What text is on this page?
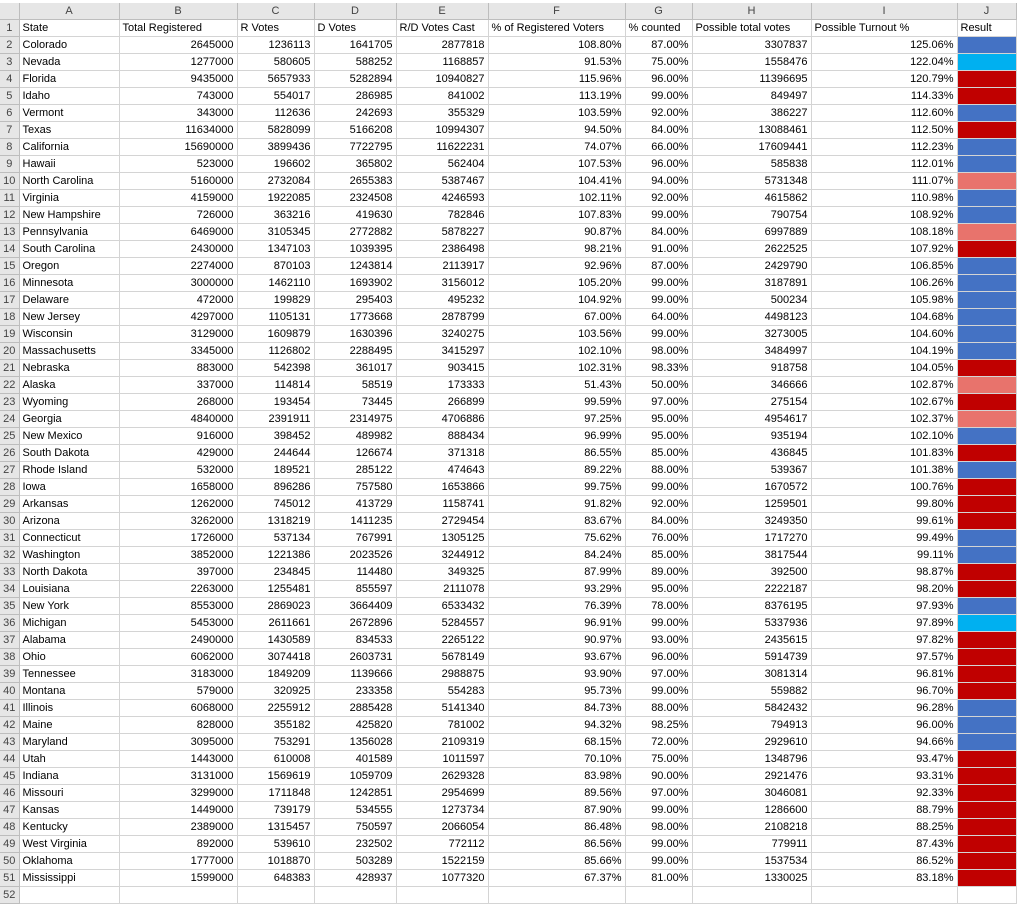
	A	B	C	D	E	F	G	H	I	J
1	State	Total Registered	R Votes	D Votes	R/D Votes Cast	% of Registered Voters	% counted	Possible total votes	Possible Turnout %	Result
2	Colorado	2645000	1236113	1641705	2877818	108.80%	87.00%	3307837	125.06%	
3	Nevada	1277000	580605	588252	1168857	91.53%	75.00%	1558476	122.04%	
4	Florida	9435000	5657933	5282894	10940827	115.96%	96.00%	11396695	120.79%	
5	Idaho	743000	554017	286985	841002	113.19%	99.00%	849497	114.33%	
6	Vermont	343000	112636	242693	355329	103.59%	92.00%	386227	112.60%	
7	Texas	11634000	5828099	5166208	10994307	94.50%	84.00%	13088461	112.50%	
8	California	15690000	3899436	7722795	11622231	74.07%	66.00%	17609441	112.23%	
9	Hawaii	523000	196602	365802	562404	107.53%	96.00%	585838	112.01%	
10	North Carolina	5160000	2732084	2655383	5387467	104.41%	94.00%	5731348	111.07%	
11	Virginia	4159000	1922085	2324508	4246593	102.11%	92.00%	4615862	110.98%	
12	New Hampshire	726000	363216	419630	782846	107.83%	99.00%	790754	108.92%	
13	Pennsylvania	6469000	3105345	2772882	5878227	90.87%	84.00%	6997889	108.18%	
14	South Carolina	2430000	1347103	1039395	2386498	98.21%	91.00%	2622525	107.92%	
15	Oregon	2274000	870103	1243814	2113917	92.96%	87.00%	2429790	106.85%	
16	Minnesota	3000000	1462110	1693902	3156012	105.20%	99.00%	3187891	106.26%	
17	Delaware	472000	199829	295403	495232	104.92%	99.00%	500234	105.98%	
18	New Jersey	4297000	1105131	1773668	2878799	67.00%	64.00%	4498123	104.68%	
19	Wisconsin	3129000	1609879	1630396	3240275	103.56%	99.00%	3273005	104.60%	
20	Massachusetts	3345000	1126802	2288495	3415297	102.10%	98.00%	3484997	104.19%	
21	Nebraska	883000	542398	361017	903415	102.31%	98.33%	918758	104.05%	
22	Alaska	337000	114814	58519	173333	51.43%	50.00%	346666	102.87%	
23	Wyoming	268000	193454	73445	266899	99.59%	97.00%	275154	102.67%	
24	Georgia	4840000	2391911	2314975	4706886	97.25%	95.00%	4954617	102.37%	
25	New Mexico	916000	398452	489982	888434	96.99%	95.00%	935194	102.10%	
26	South Dakota	429000	244644	126674	371318	86.55%	85.00%	436845	101.83%	
27	Rhode Island	532000	189521	285122	474643	89.22%	88.00%	539367	101.38%	
28	Iowa	1658000	896286	757580	1653866	99.75%	99.00%	1670572	100.76%	
29	Arkansas	1262000	745012	413729	1158741	91.82%	92.00%	1259501	99.80%	
30	Arizona	3262000	1318219	1411235	2729454	83.67%	84.00%	3249350	99.61%	
31	Connecticut	1726000	537134	767991	1305125	75.62%	76.00%	1717270	99.49%	
32	Washington	3852000	1221386	2023526	3244912	84.24%	85.00%	3817544	99.11%	
33	North Dakota	397000	234845	114480	349325	87.99%	89.00%	392500	98.87%	
34	Louisiana	2263000	1255481	855597	2111078	93.29%	95.00%	2222187	98.20%	
35	New York	8553000	2869023	3664409	6533432	76.39%	78.00%	8376195	97.93%	
36	Michigan	5453000	2611661	2672896	5284557	96.91%	99.00%	5337936	97.89%	
37	Alabama	2490000	1430589	834533	2265122	90.97%	93.00%	2435615	97.82%	
38	Ohio	6062000	3074418	2603731	5678149	93.67%	96.00%	5914739	97.57%	
39	Tennessee	3183000	1849209	1139666	2988875	93.90%	97.00%	3081314	96.81%	
40	Montana	579000	320925	233358	554283	95.73%	99.00%	559882	96.70%	
41	Illinois	6068000	2255912	2885428	5141340	84.73%	88.00%	5842432	96.28%	
42	Maine	828000	355182	425820	781002	94.32%	98.25%	794913	96.00%	
43	Maryland	3095000	753291	1356028	2109319	68.15%	72.00%	2929610	94.66%	
44	Utah	1443000	610008	401589	1011597	70.10%	75.00%	1348796	93.47%	
45	Indiana	3131000	1569619	1059709	2629328	83.98%	90.00%	2921476	93.31%	
46	Missouri	3299000	1711848	1242851	2954699	89.56%	97.00%	3046081	92.33%	
47	Kansas	1449000	739179	534555	1273734	87.90%	99.00%	1286600	88.79%	
48	Kentucky	2389000	1315457	750597	2066054	86.48%	98.00%	2108218	88.25%	
49	West Virginia	892000	539610	232502	772112	86.56%	99.00%	779911	87.43%	
50	Oklahoma	1777000	1018870	503289	1522159	85.66%	99.00%	1537534	86.52%	
51	Mississippi	1599000	648383	428937	1077320	67.37%	81.00%	1330025	83.18%	
52										
